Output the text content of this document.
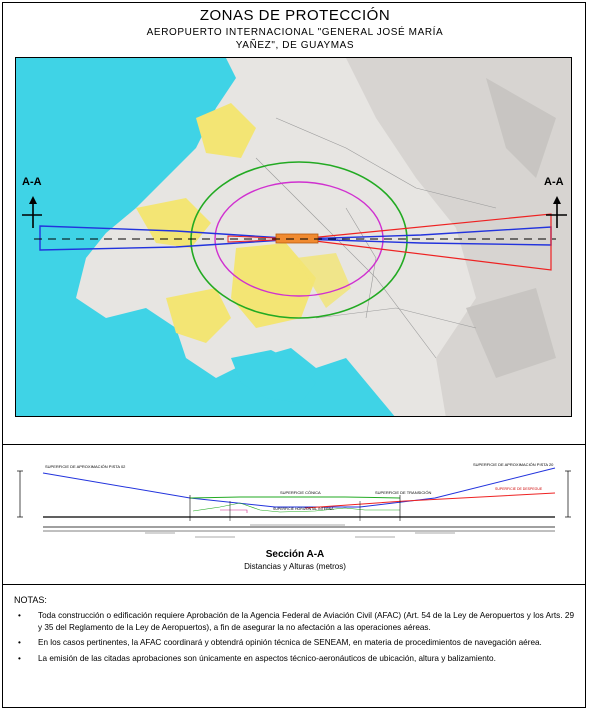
ZONAS DE PROTECCIÓN
AEROPUERTO INTERNACIONAL "GENERAL JOSÉ MARÍA
YAÑEZ", DE GUAYMAS
A-A	A-A
SUPERFICIE DE APROXIMACIÓN PISTA 02	SUPERFICIE DE APROXIMACIÓN PISTA 20
SUPERFICIE CÓNICA
SUPERFICIE HORIZONTAL INTERNA
SUPERFICIE DE TRANSICIÓN
SUPERFICIE DE DESPEGUE
Sección A-A
Distancias y Alturas (metros)
NOTAS:
• Toda construcción o edificación requiere Aprobación de la Agencia Federal de Aviación Civil (AFAC) (Art. 54 de la Ley de Aeropuertos y los Arts. 29 y 35 del Reglamento de la Ley de Aeropuertos), a fin de asegurar la no afectación a las operaciones aéreas.
• En los casos pertinentes, la AFAC coordinará y obtendrá opinión técnica de SENEAM, en materia de procedimientos de navegación aérea.
• La emisión de las citadas aprobaciones son únicamente en aspectos técnico-aeronáuticos de ubicación, altura y balizamiento.
